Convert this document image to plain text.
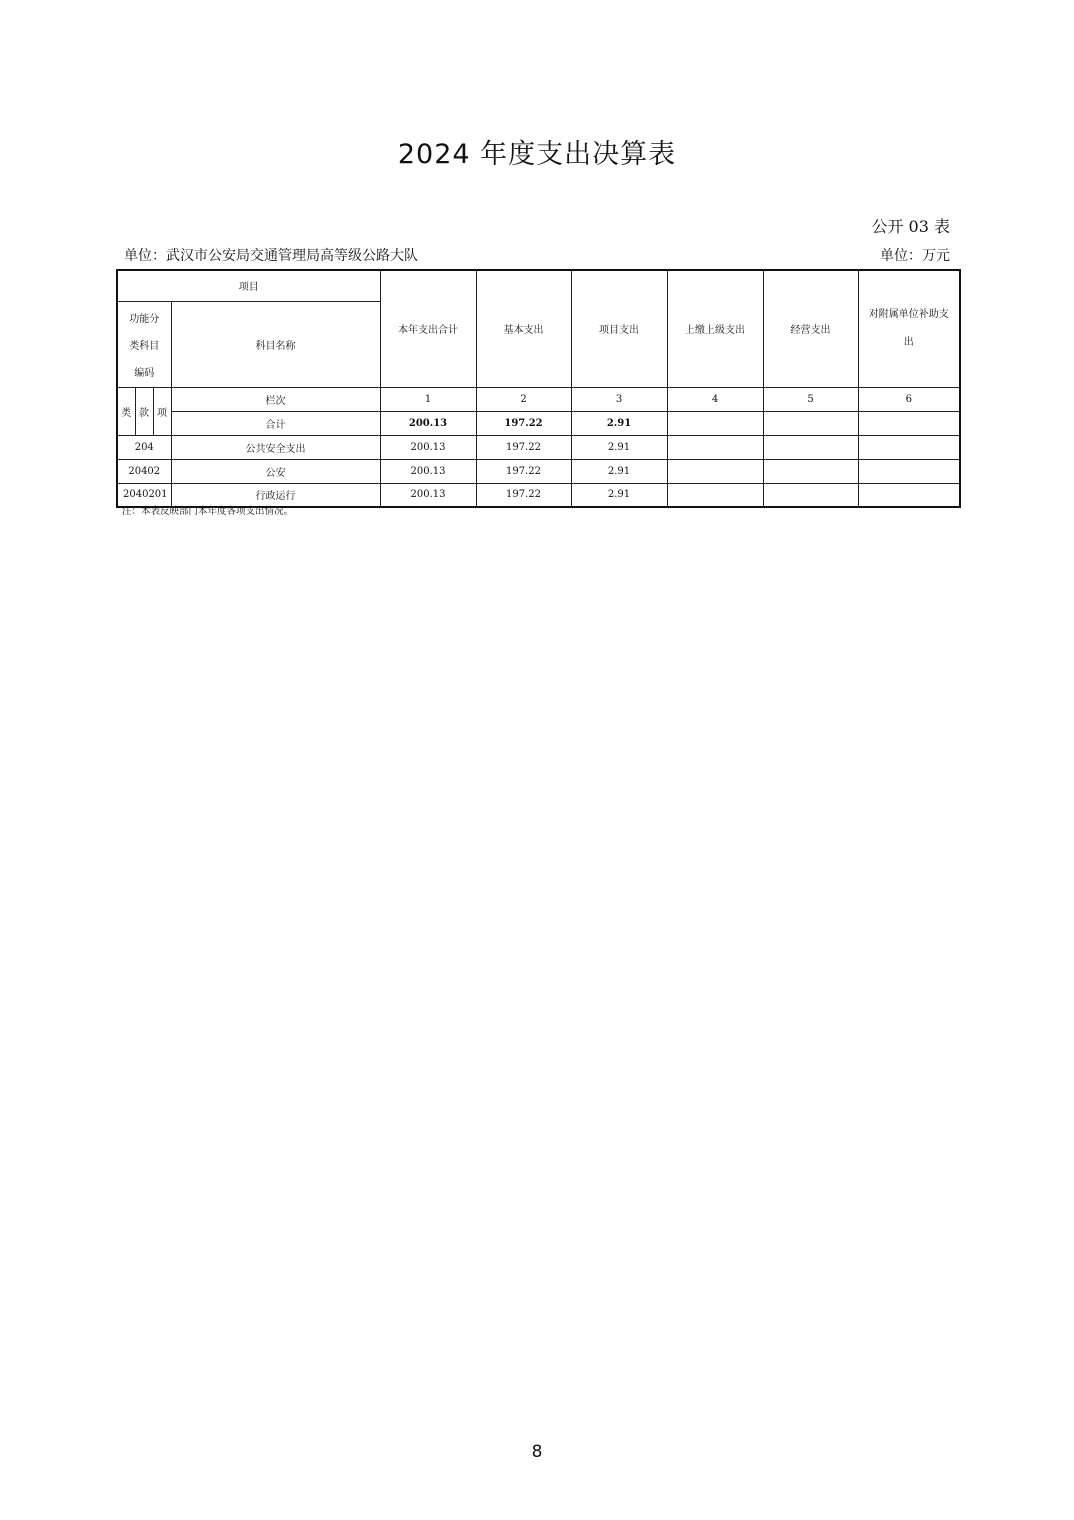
2024 年度支出决算表
公开 03 表
单位：武汉市公安局交通管理局高等级公路大队	单位：万元
项目				本年支出合计	基本支出	项目支出	上缴上级支出	经营支出	对附属单位补助支出
功能分类科目编码			科目名称						
类	款	项	栏次	1	2	3	4	5	6
			合计	200.13	197.22	2.91			
204			公共安全支出	200.13	197.22	2.91			
20402			公安	200.13	197.22	2.91			
2040201			行政运行	200.13	197.22	2.91			
注：本表反映部门本年度各项支出情况。
8
